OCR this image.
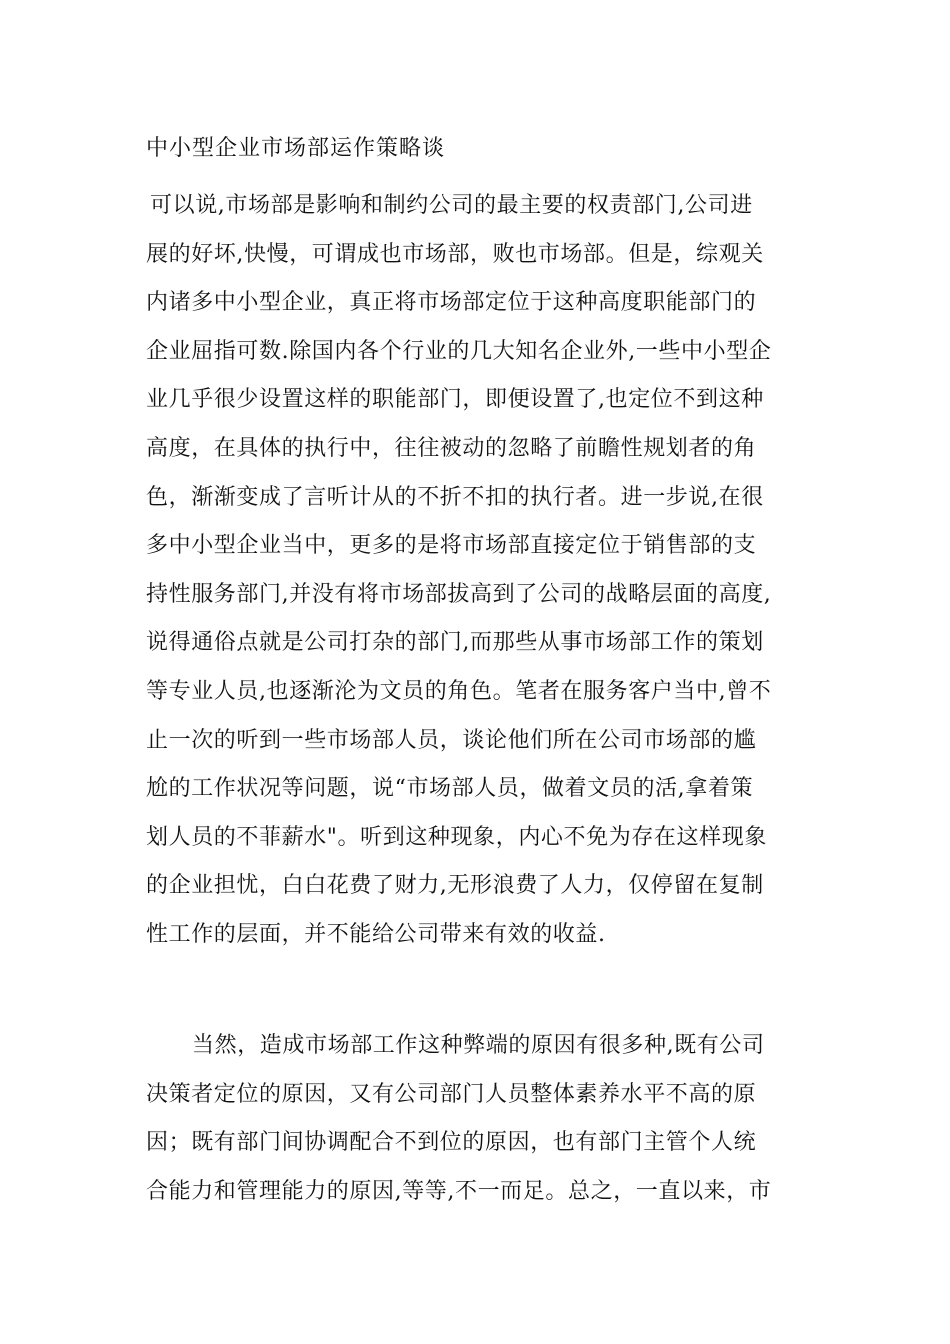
中小型企业市场部运作策略谈
可以说,市场部是影响和制约公司的最主要的权责部门,公司进
展的好坏,快慢，可谓成也市场部，败也市场部。但是，综观关
内诸多中小型企业，真正将市场部定位于这种高度职能部门的
企业屈指可数.除国内各个行业的几大知名企业外,一些中小型企
业几乎很少设置这样的职能部门，即便设置了,也定位不到这种
高度，在具体的执行中，往往被动的忽略了前瞻性规划者的角
色，渐渐变成了言听计从的不折不扣的执行者。进一步说,在很
多中小型企业当中，更多的是将市场部直接定位于销售部的支
持性服务部门,并没有将市场部拔高到了公司的战略层面的高度,
说得通俗点就是公司打杂的部门,而那些从事市场部工作的策划
等专业人员,也逐渐沦为文员的角色。笔者在服务客户当中,曾不
止一次的听到一些市场部人员，谈论他们所在公司市场部的尴
尬的工作状况等问题，说“市场部人员，做着文员的活,拿着策
划人员的不菲薪水"。听到这种现象，内心不免为存在这样现象
的企业担忧，白白花费了财力,无形浪费了人力，仅停留在复制
性工作的层面，并不能给公司带来有效的收益.
当然，造成市场部工作这种弊端的原因有很多种,既有公司
决策者定位的原因，又有公司部门人员整体素养水平不高的原
因；既有部门间协调配合不到位的原因，也有部门主管个人统
合能力和管理能力的原因,等等,不一而足。总之，一直以来，市
